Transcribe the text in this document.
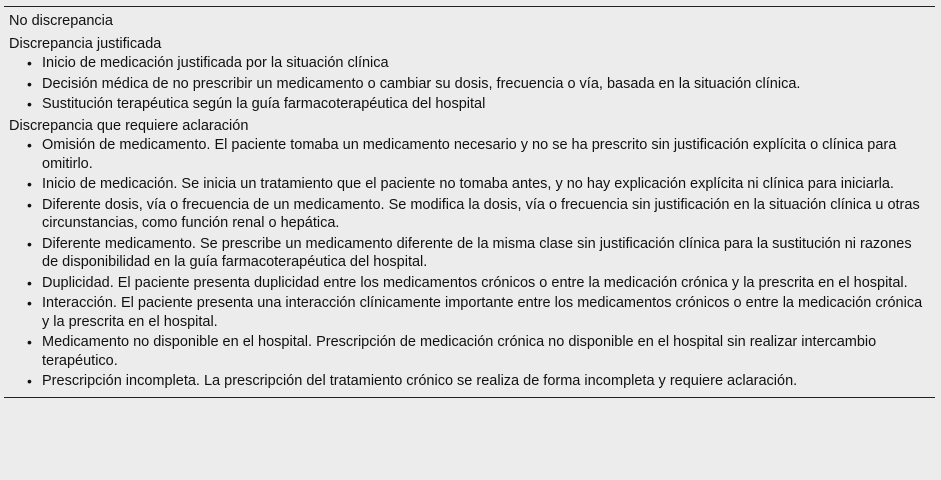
No discrepancia

Discrepancia justificada

• Inicio de medicación justificada por la situación clínica
• Decisión médica de no prescribir un medicamento o cambiar su dosis, frecuencia o vía, basada en la situación clínica.
• Sustitución terapéutica según la guía farmacoterapéutica del hospital

Discrepancia que requiere aclaración

• Omisión de medicamento. El paciente tomaba un medicamento necesario y no se ha prescrito sin justificación explícita o clínica para omitirlo.
• Inicio de medicación. Se inicia un tratamiento que el paciente no tomaba antes, y no hay explicación explícita ni clínica para iniciarla.
• Diferente dosis, vía o frecuencia de un medicamento. Se modifica la dosis, vía o frecuencia sin justificación en la situación clínica u otras circunstancias, como función renal o hepática.
• Diferente medicamento. Se prescribe un medicamento diferente de la misma clase sin justificación clínica para la sustitución ni razones de disponibilidad en la guía farmacoterapéutica del hospital.
• Duplicidad. El paciente presenta duplicidad entre los medicamentos crónicos o entre la medicación crónica y la prescrita en el hospital.
• Interacción. El paciente presenta una interacción clínicamente importante entre los medicamentos crónicos o entre la medicación crónica y la prescrita en el hospital.
• Medicamento no disponible en el hospital. Prescripción de medicación crónica no disponible en el hospital sin realizar intercambio terapéutico.
• Prescripción incompleta. La prescripción del tratamiento crónico se realiza de forma incompleta y requiere aclaración.
